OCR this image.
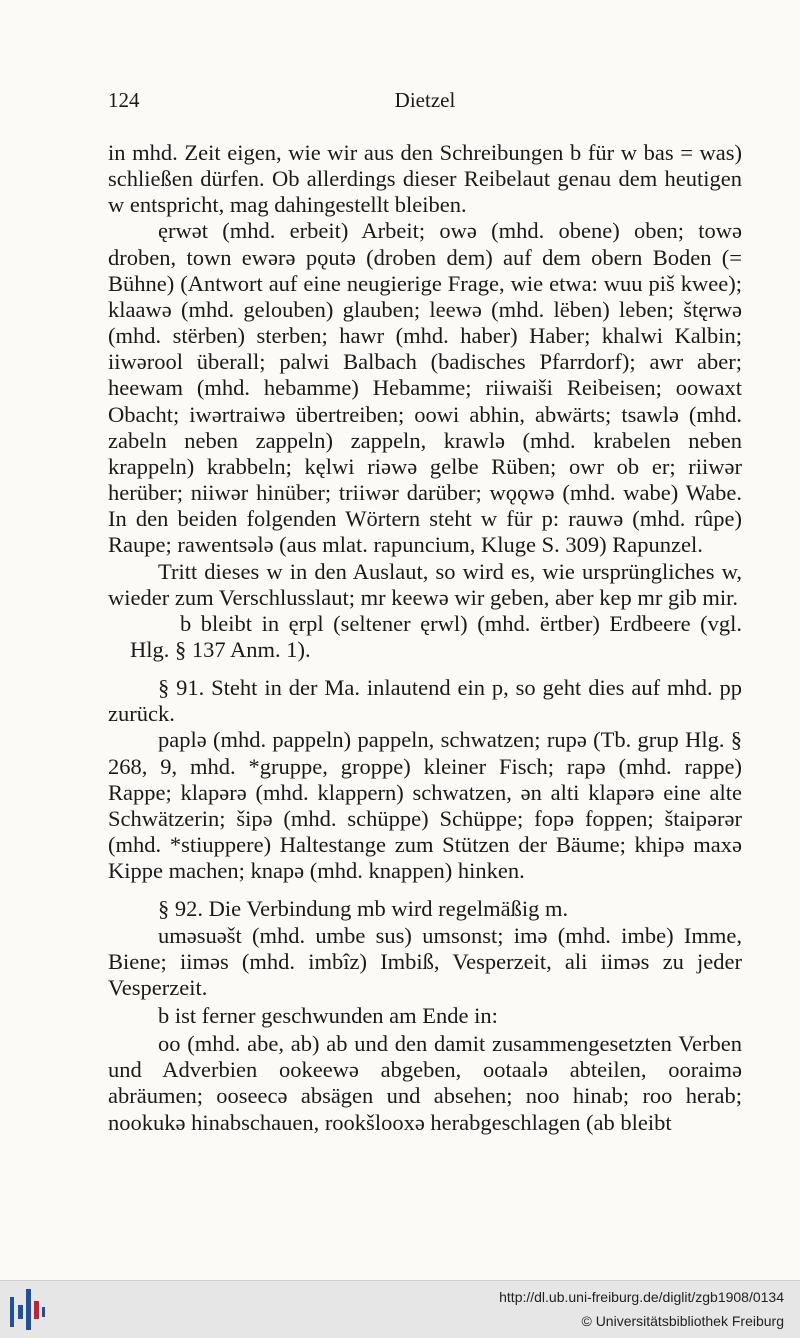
124	Dietzel

in mhd. Zeit eigen, wie wir aus den Schreibungen b für w bas = was) schließen dürfen. Ob allerdings dieser Reibelaut genau dem heutigen w entspricht, mag dahingestellt bleiben.

ęrwət (mhd. erbeit) Arbeit; owə (mhd. obene) oben; towə droben, town ewərə pǫutə (droben dem) auf dem obern Boden (= Bühne) (Antwort auf eine neugierige Frage, wie etwa: wuu piš kwee); klaawə (mhd. gelouben) glauben; leewə (mhd. lëben) leben; štęrwə (mhd. stërben) sterben; hawr (mhd. haber) Haber; khalwi Kalbin; iiwərool überall; palwi Balbach (badisches Pfarrdorf); awr aber; heewam (mhd. hebamme) Hebamme; riiwaiši Reibeisen; oowaxt Obacht; iwərtraiwə übertreiben; oowi abhin, abwärts; tsawlə (mhd. zabeln neben zappeln) zappeln, krawlə (mhd. krabelen neben krappeln) krabbeln; kęlwi riəwə gelbe Rüben; owr ob er; riiwər herüber; niiwər hinüber; triiwər darüber; wǫǫwə (mhd. wabe) Wabe. In den beiden folgenden Wörtern steht w für p: rauwə (mhd. rûpe) Raupe; rawentsələ (aus mlat. rapuncium, Kluge S. 309) Rapunzel.

Tritt dieses w in den Auslaut, so wird es, wie ursprüngliches w, wieder zum Verschlusslaut; mr keewə wir geben, aber kep mr gib mir.

b bleibt in ęrpl (seltener ęrwl) (mhd. ërtber) Erdbeere (vgl. Hlg. § 137 Anm. 1).

§ 91. Steht in der Ma. inlautend ein p, so geht dies auf mhd. pp zurück.

paplə (mhd. pappeln) pappeln, schwatzen; rupə (Tb. grup Hlg. § 268, 9, mhd. *gruppe, groppe) kleiner Fisch; rapə (mhd. rappe) Rappe; klapərə (mhd. klappern) schwatzen, ən alti klapərə eine alte Schwätzerin; šipə (mhd. schüppe) Schüppe; fopə foppen; štaipərər (mhd. *stiuppere) Haltestange zum Stützen der Bäume; khipə maxə Kippe machen; knapə (mhd. knappen) hinken.

§ 92. Die Verbindung mb wird regelmäßig m.

uməsuəšt (mhd. umbe sus) umsonst; imə (mhd. imbe) Imme, Biene; iiməs (mhd. imbîz) Imbiß, Vesperzeit, ali iiməs zu jeder Vesperzeit.

b ist ferner geschwunden am Ende in:

oo (mhd. abe, ab) ab und den damit zusammengesetzten Verben und Adverbien ookeewə abgeben, ootaalə abteilen, ooraimə abräumen; ooseecə absägen und absehen; noo hinab; roo herab; nookukə hinabschauen, rookšlooxə herabgeschlagen (ab bleibt

http://dl.ub.uni-freiburg.de/diglit/zgb1908/0134
© Universitätsbibliothek Freiburg
